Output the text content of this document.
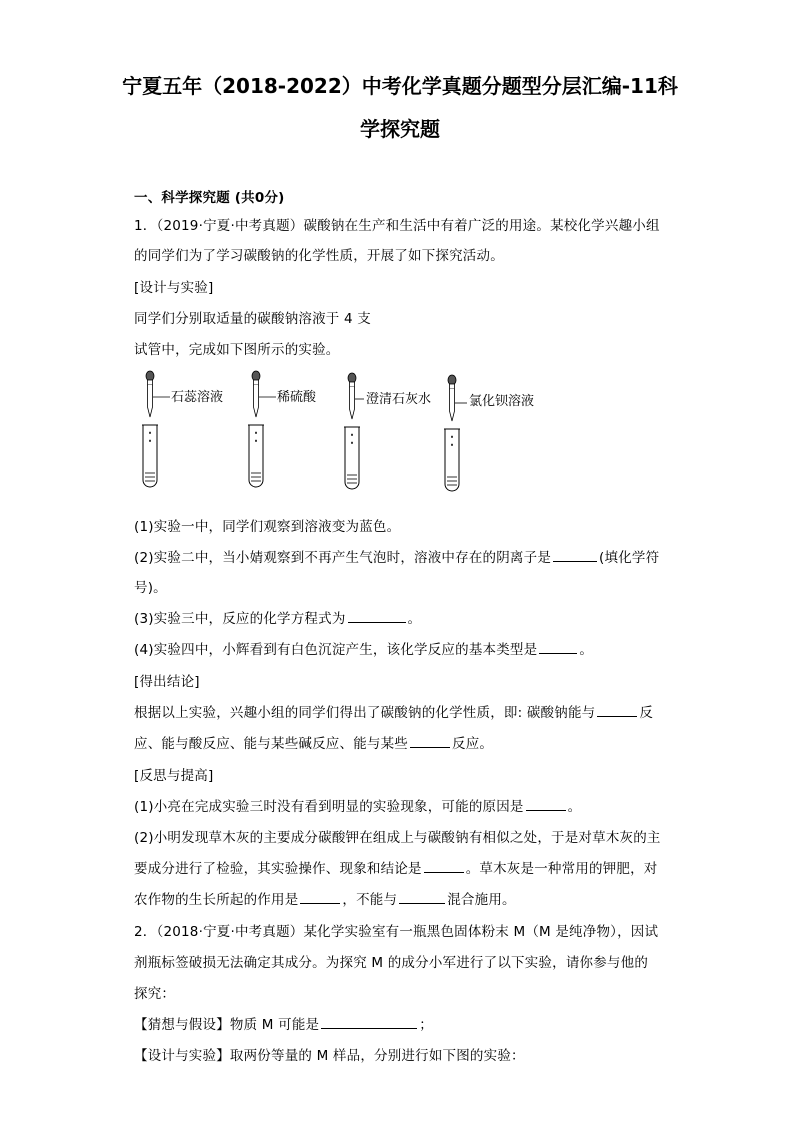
宁夏五年（2018-2022）中考化学真题分题型分层汇编-11科
学探究题
一、科学探究题 (共0分)
1．（2019·宁夏·中考真题）碳酸钠在生产和生活中有着广泛的用途。某校化学兴趣小组
的同学们为了学习碳酸钠的化学性质，开展了如下探究活动。
[设计与实验]
同学们分别取适量的碳酸钠溶液于 4 支
试管中，完成如下图所示的实验。
石蕊溶液	稀硫酸	澄清石灰水	氯化钡溶液
(1)实验一中，同学们观察到溶液变为蓝色。
(2)实验二中，当小婧观察到不再产生气泡时，溶液中存在的阴离子是	(填化学符
号)。
(3)实验三中，反应的化学方程式为	。
(4)实验四中，小辉看到有白色沉淀产生，该化学反应的基本类型是	。
[得出结论]
根据以上实验，兴趣小组的同学们得出了碳酸钠的化学性质，即: 碳酸钠能与	反
应、能与酸反应、能与某些碱反应、能与某些	反应。
[反思与提高]
(1)小亮在完成实验三时没有看到明显的实验现象，可能的原因是	。
(2)小明发现草木灰的主要成分碳酸钾在组成上与碳酸钠有相似之处，于是对草木灰的主
要成分进行了检验，其实验操作、现象和结论是	。草木灰是一种常用的钾肥，对
农作物的生长所起的作用是	，不能与	混合施用。
2．（2018·宁夏·中考真题）某化学实验室有一瓶黑色固体粉末 M（M 是纯净物），因试
剂瓶标签破损无法确定其成分。为探究 M 的成分小军进行了以下实验，请你参与他的
探究：
【猜想与假设】物质 M 可能是	；
【设计与实验】取两份等量的 M 样品，分别进行如下图的实验：
